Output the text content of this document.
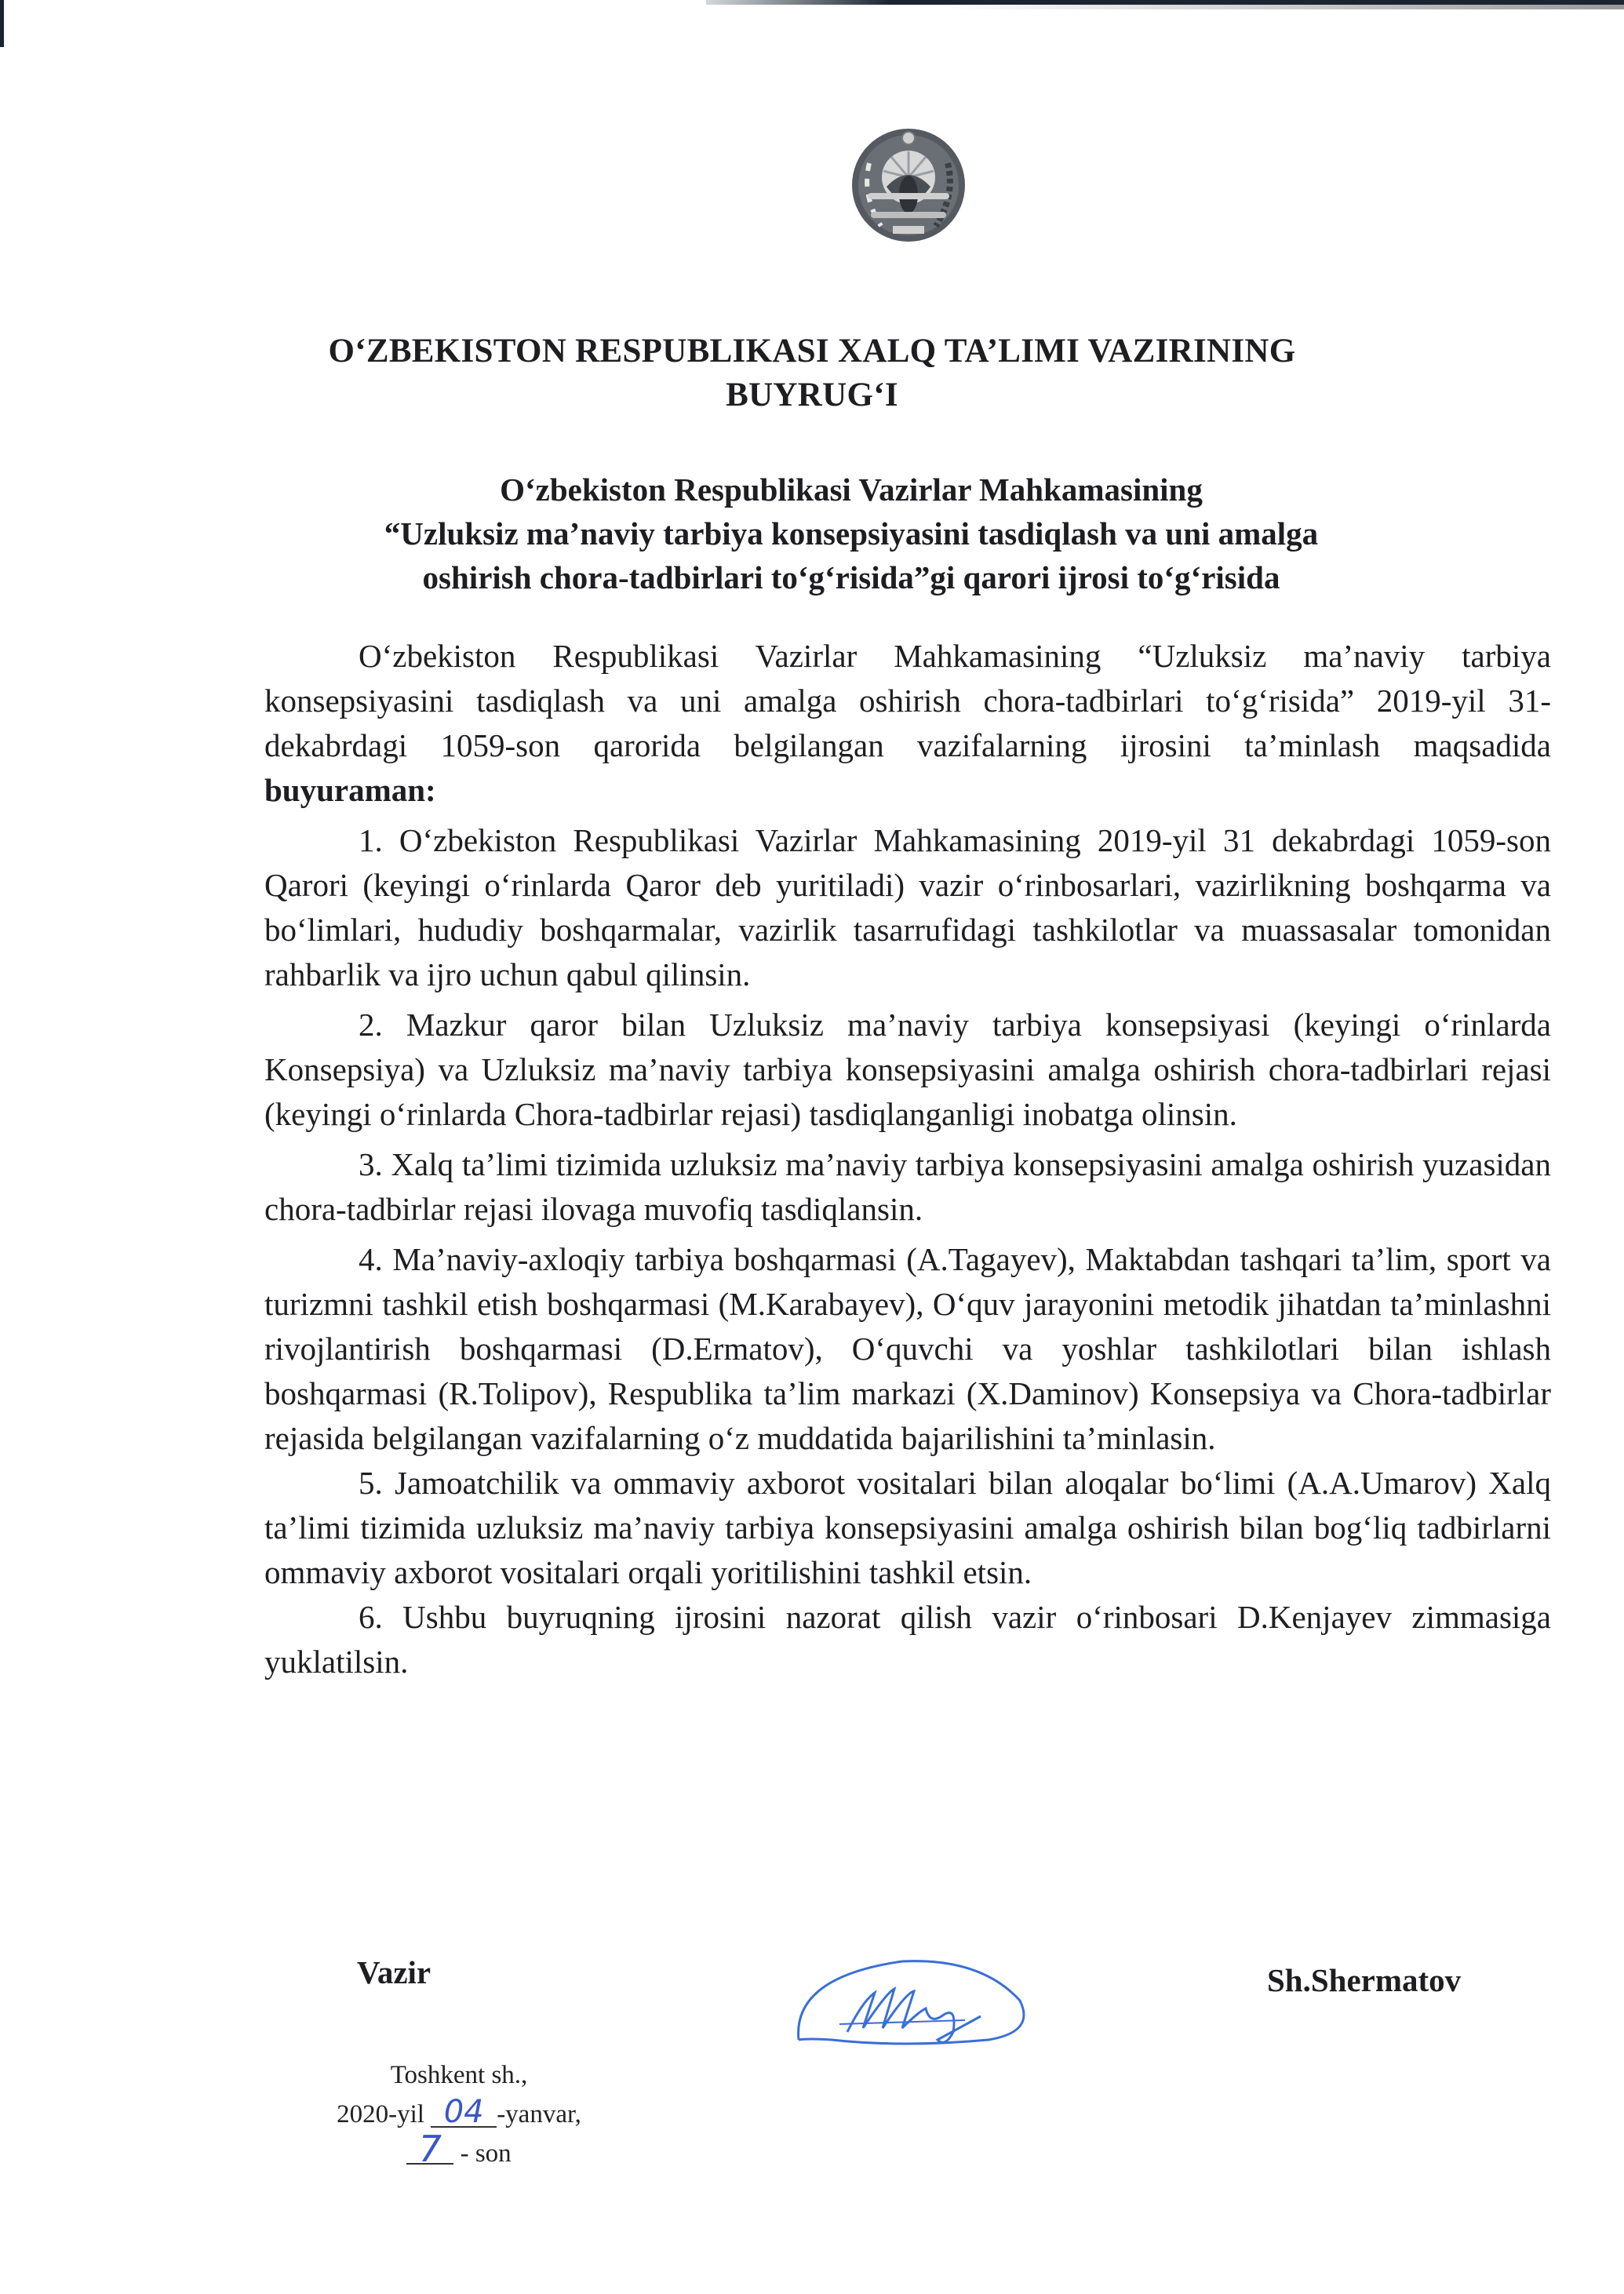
O‘ZBEKISTON RESPUBLIKASI XALQ TA’LIMI VAZIRINING
BUYRUG‘I
O‘zbekiston Respublikasi Vazirlar Mahkamasining
“Uzluksiz ma’naviy tarbiya konsepsiyasini tasdiqlash va uni amalga
oshirish chora-tadbirlari to‘g‘risida”gi qarori ijrosi to‘g‘risida

O‘zbekiston Respublikasi Vazirlar Mahkamasining “Uzluksiz ma’naviy tarbiya konsepsiyasini tasdiqlash va uni amalga oshirish chora-tadbirlari to‘g‘risida” 2019-yil 31-dekabrdagi 1059-son qarorida belgilangan vazifalarning ijrosini ta’minlash maqsadida buyuraman:

1. O‘zbekiston Respublikasi Vazirlar Mahkamasining 2019-yil 31 dekabrdagi 1059-son Qarori (keyingi o‘rinlarda Qaror deb yuritiladi) vazir o‘rinbosarlari, vazirlikning boshqarma va bo‘limlari, hududiy boshqarmalar, vazirlik tasarrufidagi tashkilotlar va muassasalar tomonidan rahbarlik va ijro uchun qabul qilinsin.

2. Mazkur qaror bilan Uzluksiz ma’naviy tarbiya konsepsiyasi (keyingi o‘rinlarda Konsepsiya) va Uzluksiz ma’naviy tarbiya konsepsiyasini amalga oshirish chora-tadbirlari rejasi (keyingi o‘rinlarda Chora-tadbirlar rejasi) tasdiqlanganligi inobatga olinsin.

3. Xalq ta’limi tizimida uzluksiz ma’naviy tarbiya konsepsiyasini amalga oshirish yuzasidan chora-tadbirlar rejasi ilovaga muvofiq tasdiqlansin.

4. Ma’naviy-axloqiy tarbiya boshqarmasi (A.Tagayev), Maktabdan tashqari ta’lim, sport va turizmni tashkil etish boshqarmasi (M.Karabayev), O‘quv jarayonini metodik jihatdan ta’minlashni rivojlantirish boshqarmasi (D.Ermatov), O‘quvchi va yoshlar tashkilotlari bilan ishlash boshqarmasi (R.Tolipov), Respublika ta’lim markazi (X.Daminov) Konsepsiya va Chora-tadbirlar rejasida belgilangan vazifalarning o‘z muddatida bajarilishini ta’minlasin.

5. Jamoatchilik va ommaviy axborot vositalari bilan aloqalar bo‘limi (A.A.Umarov) Xalq ta’limi tizimida uzluksiz ma’naviy tarbiya konsepsiyasini amalga oshirish bilan bog‘liq tadbirlarni ommaviy axborot vositalari orqali yoritilishini tashkil etsin.

6. Ushbu buyruqning ijrosini nazorat qilish vazir o‘rinbosari D.Kenjayev zimmasiga yuklatilsin.

Vazir	Sh.Shermatov
Toshkent sh.,
2020-yil 04 -yanvar,
7 - son
